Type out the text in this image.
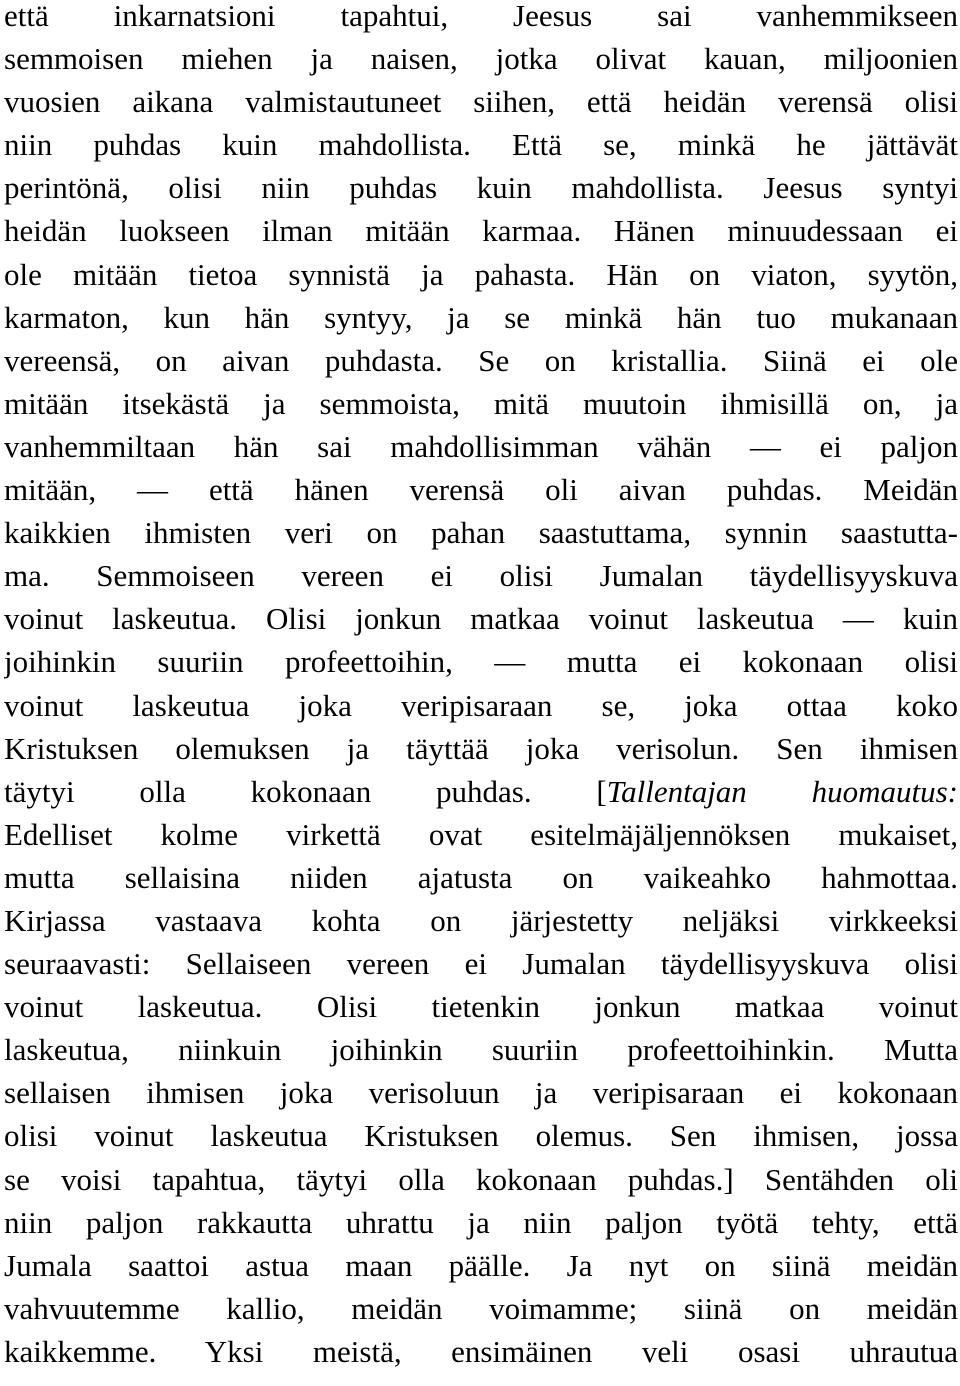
että inkarnatsioni tapahtui, Jeesus sai vanhemmikseen
semmoisen miehen ja naisen, jotka olivat kauan, miljoonien
vuosien aikana valmistautuneet siihen, että heidän verensä olisi
niin puhdas kuin mahdollista. Että se, minkä he jättävät
perintönä, olisi niin puhdas kuin mahdollista. Jeesus syntyi
heidän luokseen ilman mitään karmaa. Hänen minuudessaan ei
ole mitään tietoa synnistä ja pahasta. Hän on viaton, syytön,
karmaton, kun hän syntyy, ja se minkä hän tuo mukanaan
vereensä, on aivan puhdasta. Se on kristallia. Siinä ei ole
mitään itsekästä ja semmoista, mitä muutoin ihmisillä on, ja
vanhemmiltaan hän sai mahdollisimman vähän — ei paljon
mitään, — että hänen verensä oli aivan puhdas. Meidän
kaikkien ihmisten veri on pahan saastuttama, synnin saastutta-
ma. Semmoiseen vereen ei olisi Jumalan täydellisyyskuva
voinut laskeutua. Olisi jonkun matkaa voinut laskeutua — kuin
joihinkin suuriin profeettoihin, — mutta ei kokonaan olisi
voinut laskeutua joka veripisaraan se, joka ottaa koko
Kristuksen olemuksen ja täyttää joka verisolun. Sen ihmisen
täytyi olla kokonaan puhdas. [Tallentajan huomautus:
Edelliset kolme virkettä ovat esitelmäjäljennöksen mukaiset,
mutta sellaisina niiden ajatusta on vaikeahko hahmottaa.
Kirjassa vastaava kohta on järjestetty neljäksi virkkeeksi
seuraavasti: Sellaiseen vereen ei Jumalan täydellisyyskuva olisi
voinut laskeutua. Olisi tietenkin jonkun matkaa voinut
laskeutua, niinkuin joihinkin suuriin profeettoihinkin. Mutta
sellaisen ihmisen joka verisoluun ja veripisaraan ei kokonaan
olisi voinut laskeutua Kristuksen olemus. Sen ihmisen, jossa
se voisi tapahtua, täytyi olla kokonaan puhdas.] Sentähden oli
niin paljon rakkautta uhrattu ja niin paljon työtä tehty, että
Jumala saattoi astua maan päälle. Ja nyt on siinä meidän
vahvuutemme kallio, meidän voimamme; siinä on meidän
kaikkemme. Yksi meistä, ensimäinen veli osasi uhrautua
